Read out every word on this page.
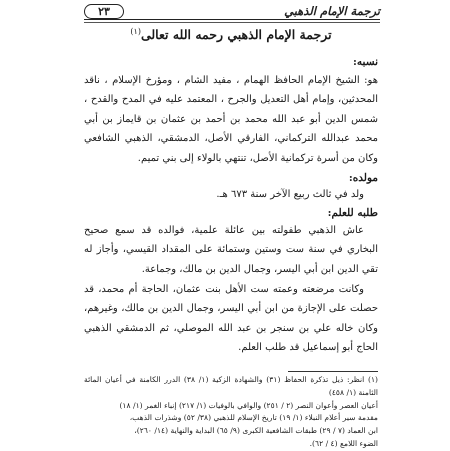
ترجمة الإمام الذهبي
٢٣
ترجمة الإمام الذهبي رحمه الله تعالى$^{(١)}$
نسبه:

هو: الشيخ الإمام الحافظ الهمام ، مفيد الشام ، ومؤرخ الإسلام ، ناقد المحدثين، وإمام أهل التعديل والجرح ، المعتمد عليه في المدح والقدح ، شمس الدين أبو عبد الله محمد بن أحمد بن عثمان بن قايماز بن أبي محمد عبدالله التركماني، الفارقي الأصل، الدمشقي، الذهبي الشافعي وكان من أسرة تركمانية الأصل، تنتهي بالولاء إلى بني تميم.

مولده:

ولد في ثالث ربيع الآخر سنة ٦٧٣ هـ.

طلبه للعلم:

عاش الذهبي طفولته بين عائلة علمية، فوالده قد سمع صحيح البخاري في سنة ست وستين وستمائة على المقداد القيسي، وأجاز له تقي الدين ابن أبي اليسر، وجمال الدين بن مالك، وجماعة.

وكانت مرضعته وعمته ست الأهل بنت عثمان، الحاجة أم محمد، قد حصلت على الإجازة من ابن أبي اليسر، وجمال الدين بن مالك، وغيرهم، وكان خاله علي بن سنجر بن عبد الله الموصلي، ثم الدمشقي الذهبي الحاج أبو إسماعيل قد طلب العلم.

(١) انظر: ذيل تذكرة الحفاظ (٣١) والشهادة الزكية (١/ ٣٨) الدرر الكامنة في أعيان المائة الثامنة (١/ ٤٥٨)

أعيان العصر وأعوان النصر (٢ / ٢٥١) والوافي بالوفيات (١/ ٢١٧) إنباء الغمر (١/ ١٨)

مقدمة سير أعلام النبلاء (١/ ١٩) تاريخ الإسلام للذهبي (٣٨/ ٥٢) وشذرات الذهب،

ابن العماد (٧ / ٢٩) طبقات الشافعية الكبرى (٩/ ٦٥) البداية والنهاية (١٤/ ٢٦٠)،

الضوء اللامع (٤ / ٦٢).
